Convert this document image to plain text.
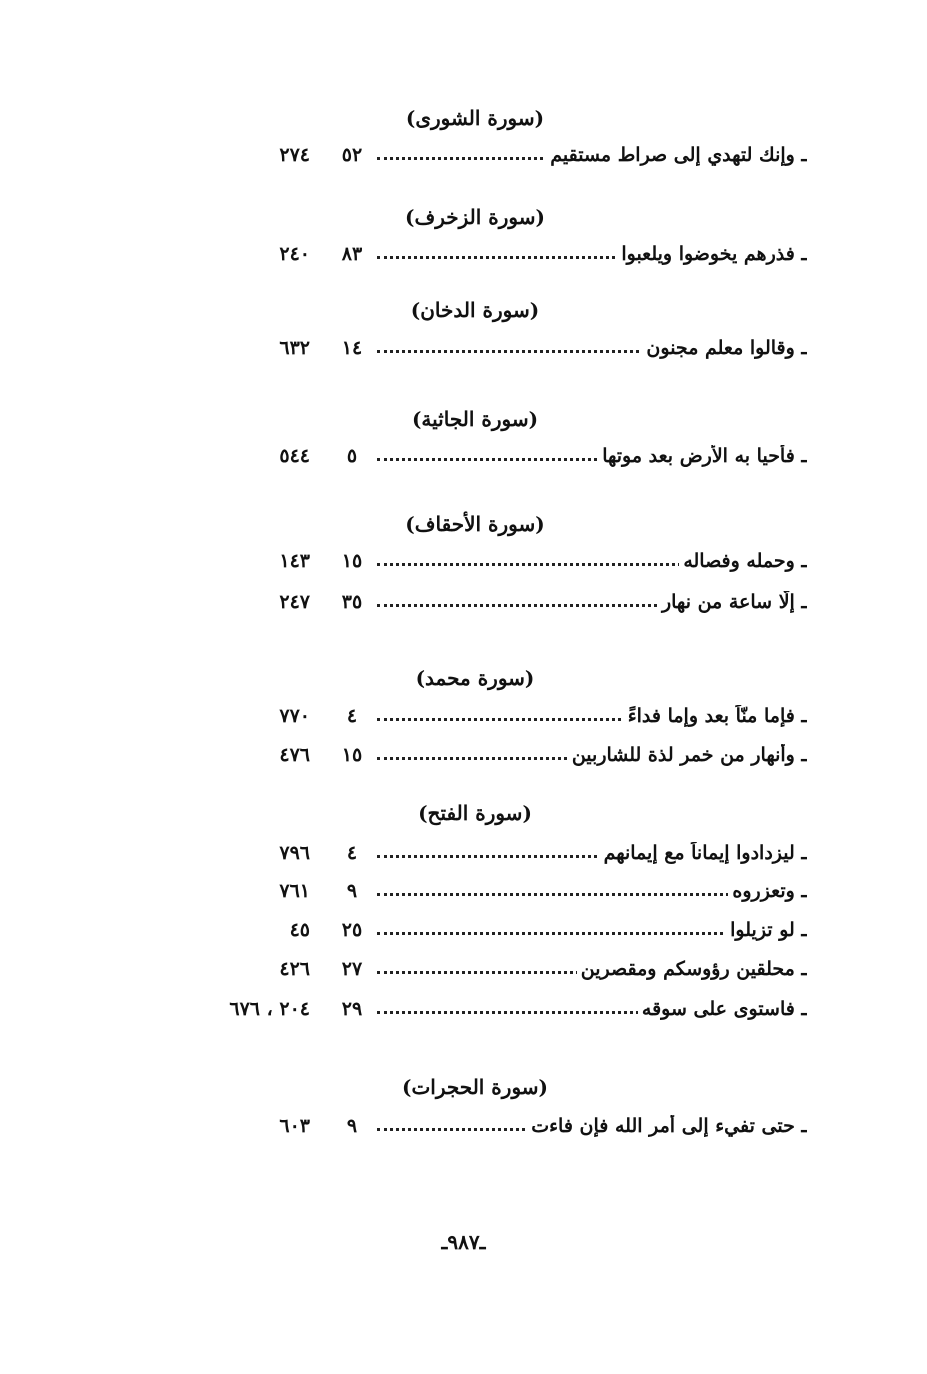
(سورة الشورى)
ـ وإنك لتهدي إلى صراط مستقيم
٥٢
٢٧٤
(سورة الزخرف)
ـ فذرهم يخوضوا ويلعبوا
٨٣
٢٤٠
(سورة الدخان)
ـ وقالوا معلم مجنون
١٤
٦٣٢
(سورة الجاثية)
ـ فأحيا به الأرض بعد موتها
٥
٥٤٤
(سورة الأحقاف)
ـ وحمله وفصاله
١٥
١٤٣
ـ إلّا ساعة من نهار
٣٥
٢٤٧
(سورة محمد)
ـ فإما منّاً بعد وإما فداءً
٤
٧٧٠
ـ وأنهار من خمر لذة للشاربين
١٥
٤٧٦
(سورة الفتح)
ـ ليزدادوا إيماناً مع إيمانهم
٤
٧٩٦
ـ وتعزروه
٩
٧٦١
ـ لو تزيلوا
٢٥
٤٥
ـ محلقين رؤوسكم ومقصرين
٢٧
٤٢٦
ـ فاستوى على سوقه
٢٩
٢٠٤ ، ٦٧٦
(سورة الحجرات)
ـ حتى تفيء إلى أمر الله فإن فاءت
٩
٦٠٣
ـ٩٨٧ـ
